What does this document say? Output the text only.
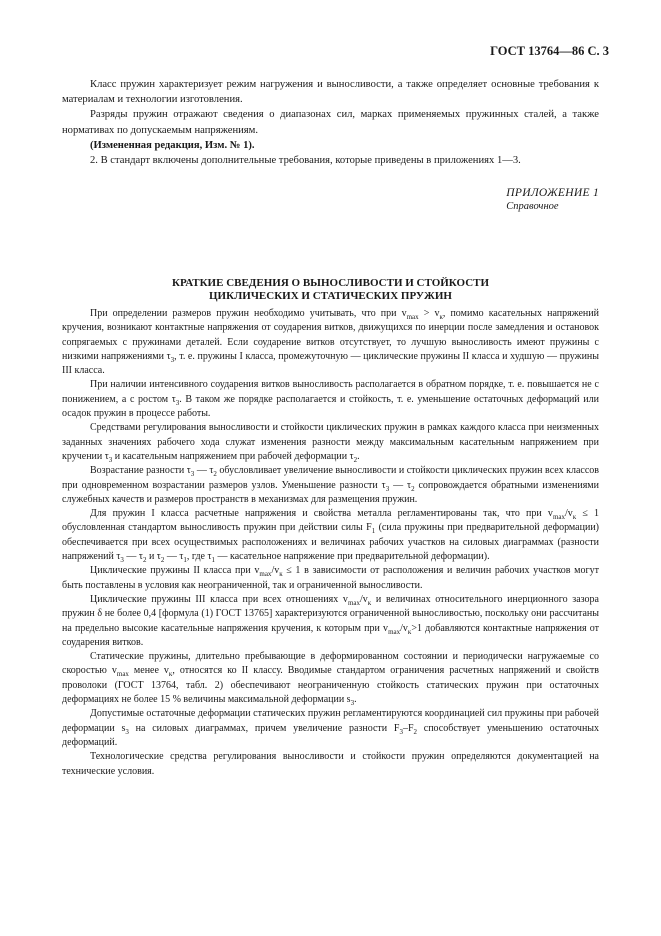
ГОСТ 13764—86 С. 3

Класс пружин характеризует режим нагружения и выносливости, а также определяет основные требования к материалам и технологии изготовления.

Разряды пружин отражают сведения о диапазонах сил, марках применяемых пружинных сталей, а также нормативах по допускаемым напряжениям.

(Измененная редакция, Изм. № 1).

2. В стандарт включены дополнительные требования, которые приведены в приложениях 1—3.

ПРИЛОЖЕНИЕ 1
Справочное
КРАТКИЕ СВЕДЕНИЯ О ВЫНОСЛИВОСТИ И СТОЙКОСТИ
ЦИКЛИЧЕСКИХ И СТАТИЧЕСКИХ ПРУЖИН

При определении размеров пружин необходимо учитывать, что при $v_{max} > v_к$, помимо касательных напряжений кручения, возникают контактные напряжения от соударения витков, движущихся по инерции после замедления и остановок сопрягаемых с пружинами деталей. Если соударение витков отсутствует, то лучшую выносливость имеют пружины с низкими напряжениями $\tau_3$, т. е. пружины I класса, промежуточную — циклические пружины II класса и худшую — пружины III класса.

При наличии интенсивного соударения витков выносливость располагается в обратном порядке, т. е. повышается не с понижением, а с ростом $\tau_3$. В таком же порядке располагается и стойкость, т. е. уменьшение остаточных деформаций или осадок пружин в процессе работы.

Средствами регулирования выносливости и стойкости циклических пружин в рамках каждого класса при неизменных заданных значениях рабочего хода служат изменения разности между максимальным касательным напряжением при кручении $\tau_3$ и касательным напряжением при рабочей деформации $\tau_2$.

Возрастание разности $\tau_3$ — $\tau_2$ обусловливает увеличение выносливости и стойкости циклических пружин всех классов при одновременном возрастании размеров узлов. Уменьшение разности $\tau_3$ — $\tau_2$ сопровождается обратными изменениями служебных качеств и размеров пространств в механизмах для размещения пружин.

Для пружин I класса расчетные напряжения и свойства металла регламентированы так, что при $v_{max}/v_к \le 1$ обусловленная стандартом выносливость пружин при действии силы $F_1$ (сила пружины при предварительной деформации) обеспечивается при всех осуществимых расположениях и величинах рабочих участков на силовых диаграммах (разности напряжений $\tau_3$ — $\tau_2$ и $\tau_2$ — $\tau_1$, где $\tau_1$ — касательное напряжение при предварительной деформации).

Циклические пружины II класса при $v_{max}/v_к \le 1$ в зависимости от расположения и величин рабочих участков могут быть поставлены в условия как неограниченной, так и ограниченной выносливости.

Циклические пружины III класса при всех отношениях $v_{max}/v_к$ и величинах относительного инерционного зазора пружин δ не более 0,4 [формула (1) ГОСТ 13765] характеризуются ограниченной выносливостью, поскольку они рассчитаны на предельно высокие касательные напряжения кручения, к которым при $v_{max}/v_к>1$ добавляются контактные напряжения от соударения витков.

Статические пружины, длительно пребывающие в деформированном состоянии и периодически нагружаемые со скоростью $v_{max}$ менее $v_к$, относятся ко II классу. Вводимые стандартом ограничения расчетных напряжений и свойств проволоки (ГОСТ 13764, табл. 2) обеспечивают неограниченную стойкость статических пружин при остаточных деформациях не более 15 % величины максимальной деформации $s_3$.

Допустимые остаточные деформации статических пружин регламентируются координацией сил пружины при рабочей деформации $s_3$ на силовых диаграммах, причем увеличение разности $F_3-F_2$ способствует уменьшению остаточных деформаций.

Технологические средства регулирования выносливости и стойкости пружин определяются документацией на технические условия.
